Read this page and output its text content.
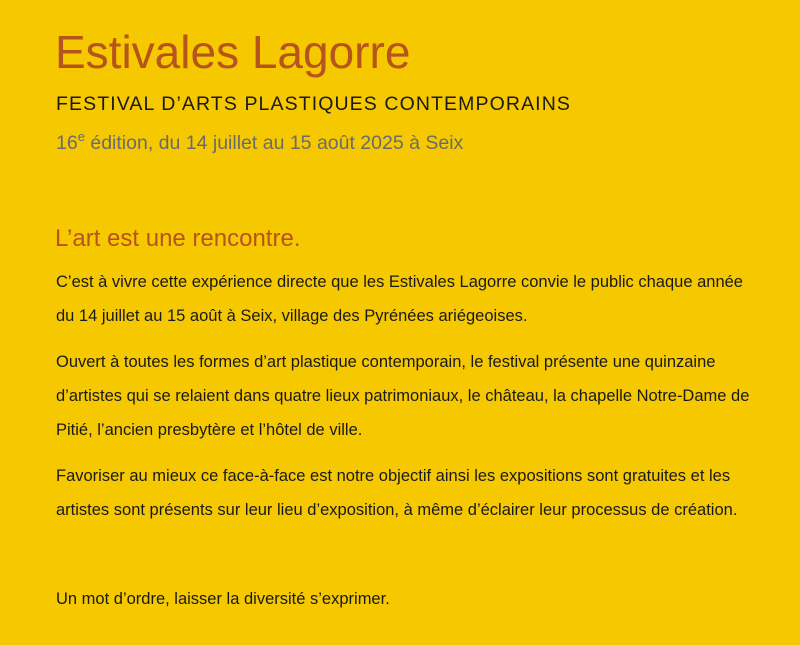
Estivales Lagorre
FESTIVAL D’ARTS PLASTIQUES CONTEMPORAINS

16e édition, du 14 juillet au 15 août 2025 à Seix

L’art est une rencontre.

C’est à vivre cette expérience directe que les Estivales Lagorre convie le public chaque année du 14 juillet au 15 août à Seix, village des Pyrénées ariégeoises.

Ouvert à toutes les formes d’art plastique contemporain, le festival présente une quinzaine d’artistes qui se relaient dans quatre lieux patrimoniaux, le château, la chapelle Notre-Dame de Pitié, l’ancien presbytère et l’hôtel de ville.

Favoriser au mieux ce face-à-face est notre objectif ainsi les expositions sont gratuites et les artistes sont présents sur leur lieu d’exposition, à même d’éclairer leur processus de création.

Un mot d’ordre, laisser la diversité s’exprimer.
